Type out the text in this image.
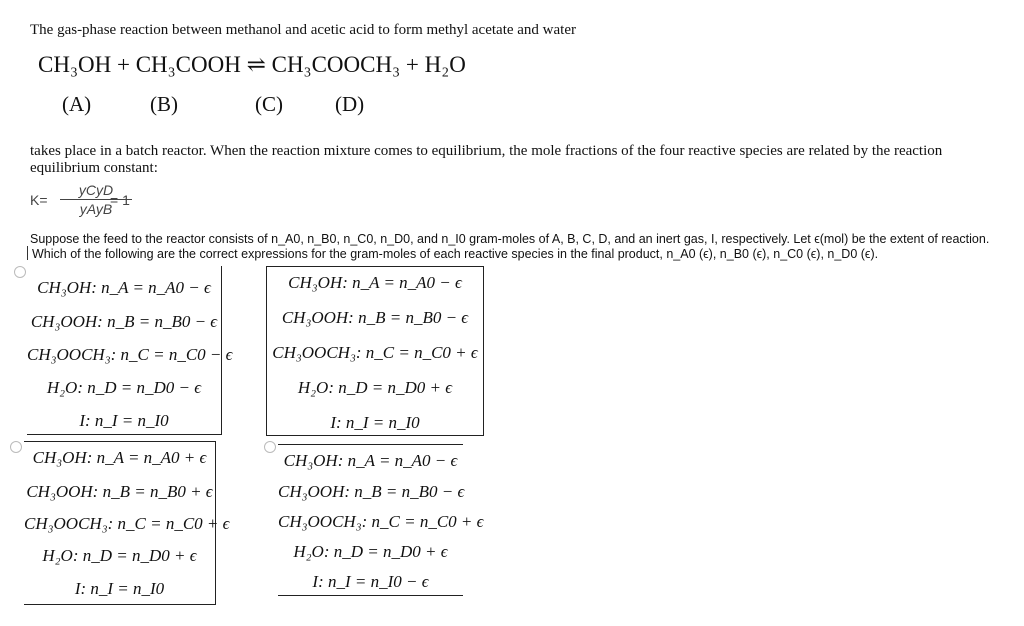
The gas-phase reaction between methanol and acetic acid to form methyl acetate and water
CH₃OH + CH₃COOH ⇌ CH₃COOCH₃ + H₂O
(A)	(B)	(C) (D)
takes place in a batch reactor. When the reaction mixture comes to equilibrium, the mole fractions of the four reactive species are related by the reaction equilibrium constant:
K=
yCyD
yAyB
= 1
Suppose the feed to the reactor consists of n_A0, n_B0, n_C0, n_D0, and n_I0 gram-moles of A, B, C, D, and an inert gas, I, respectively. Let ϵ(mol) be the extent of reaction.
Which of the following are the correct expressions for the gram-moles of each reactive species in the final product, n_A0 (ϵ), n_B0 (ϵ), n_C0 (ϵ), n_D0 (ϵ).
CH₃OH: n_A = n_A0 − ϵ
CH₃OOH: n_B = n_B0 − ϵ
CH₃OOCH₃: n_C = n_C0 − ϵ
H₂O: n_D = n_D0 − ϵ
I: n_I = n_I0
CH₃OH: n_A = n_A0 − ϵ
CH₃OOH: n_B = n_B0 − ϵ
CH₃OOCH₃: n_C = n_C0 + ϵ
H₂O: n_D = n_D0 + ϵ
I: n_I = n_I0
CH₃OH: n_A = n_A0 + ϵ
CH₃OOH: n_B = n_B0 + ϵ
CH₃OOCH₃: n_C = n_C0 + ϵ
H₂O: n_D = n_D0 + ϵ
I: n_I = n_I0
CH₃OH: n_A = n_A0 − ϵ
CH₃OOH: n_B = n_B0 − ϵ
CH₃OOCH₃: n_C = n_C0 + ϵ
H₂O: n_D = n_D0 + ϵ
I: n_I = n_I0 − ϵ
